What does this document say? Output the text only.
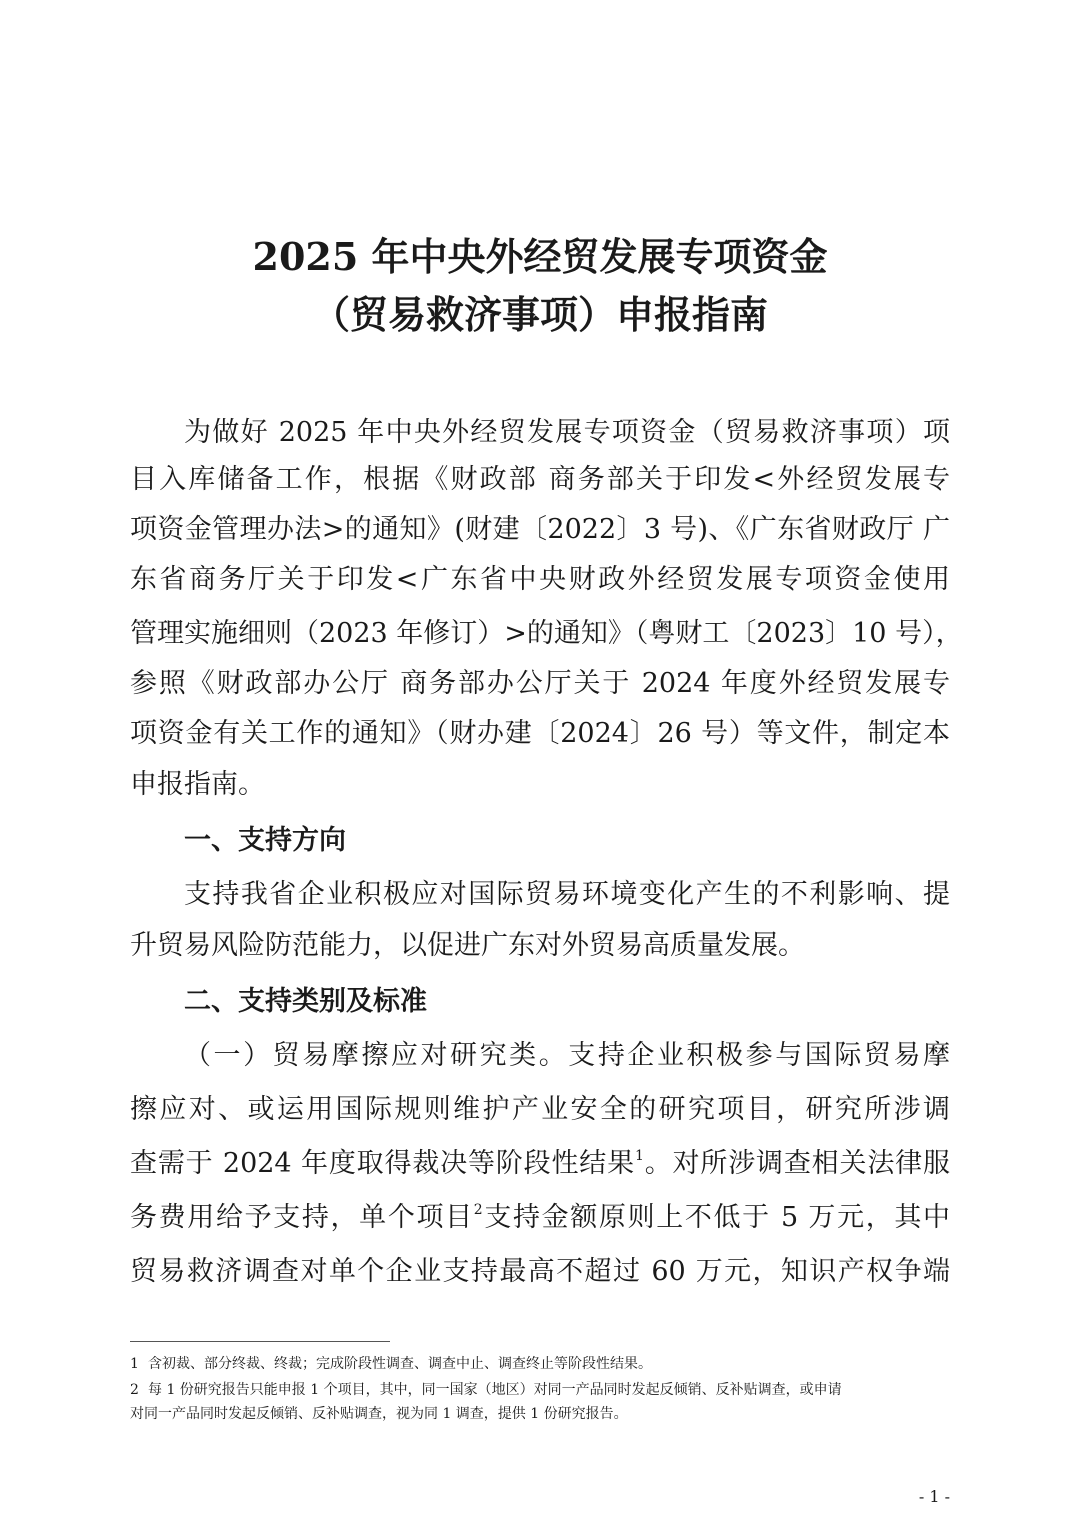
2025 年中央外经贸发展专项资金
（贸易救济事项）申报指南
为做好 2025 年中央外经贸发展专项资金（贸易救济事项）项
目入库储备工作，根据《财政部 商务部关于印发<外经贸发展专
项资金管理办法>的通知》(财建〔2022〕3 号)、《广东省财政厅 广
东省商务厅关于印发<广东省中央财政外经贸发展专项资金使用
管理实施细则（2023 年修订）>的通知》（粤财工〔2023〕10 号），
参照《财政部办公厅 商务部办公厅关于 2024 年度外经贸发展专
项资金有关工作的通知》（财办建〔2024〕26 号）等文件，制定本
申报指南。
一、支持方向
支持我省企业积极应对国际贸易环境变化产生的不利影响、提
升贸易风险防范能力，以促进广东对外贸易高质量发展。
二、支持类别及标准
（一）贸易摩擦应对研究类。支持企业积极参与国际贸易摩
擦应对、或运用国际规则维护产业安全的研究项目，研究所涉调
查需于 2024 年度取得裁决等阶段性结果$^1$。对所涉调查相关法律服
务费用给予支持，单个项目$^2$支持金额原则上不低于 5 万元，其中
贸易救济调查对单个企业支持最高不超过 60 万元，知识产权争端
1 含初裁、部分终裁、终裁；完成阶段性调查、调查中止、调查终止等阶段性结果。
2 每 1 份研究报告只能申报 1 个项目，其中，同一国家（地区）对同一产品同时发起反倾销、反补贴调查，或申请
对同一产品同时发起反倾销、反补贴调查，视为同 1 调查，提供 1 份研究报告。
- 1 -
